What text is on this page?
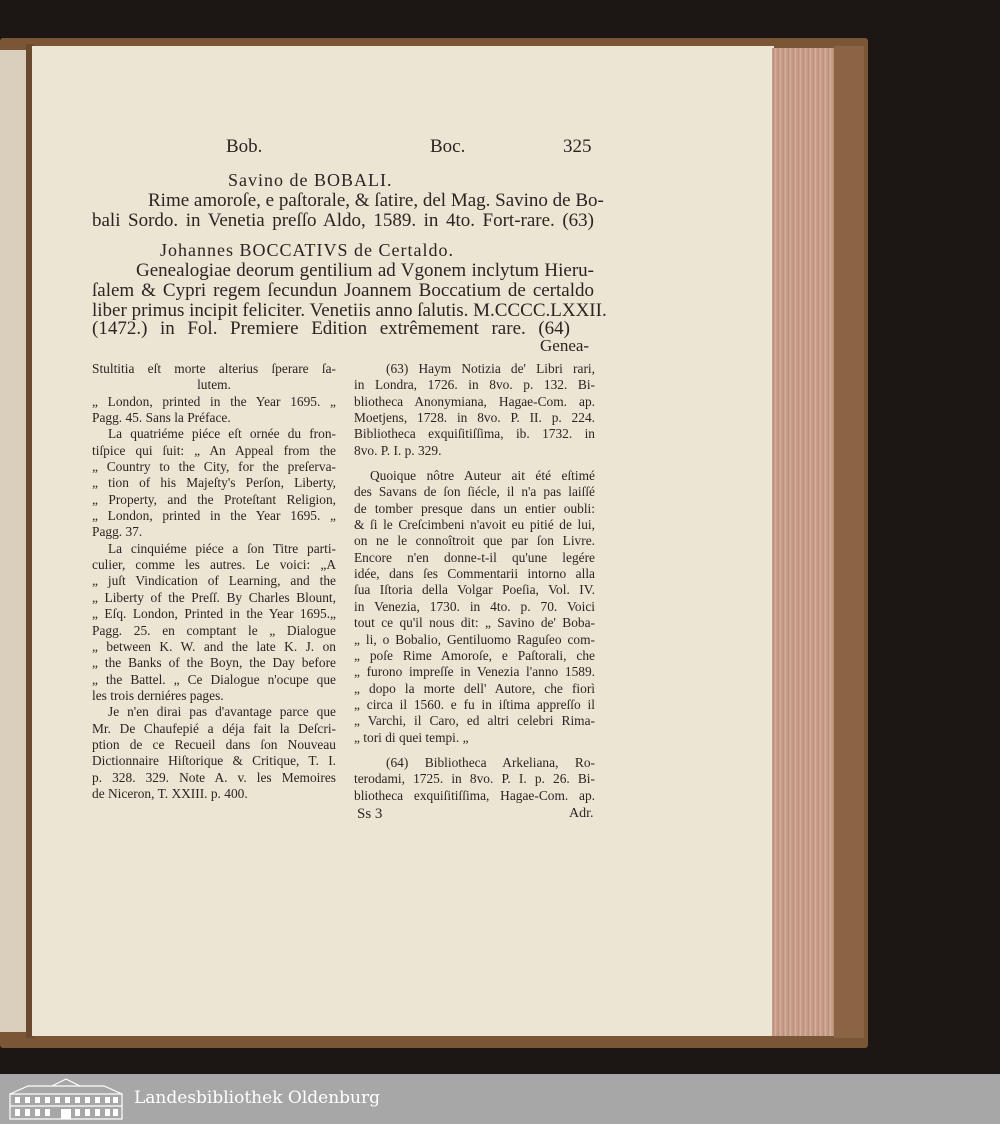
Bob.	Boc.	325
Savino de BOBALI.
Rime amoroſe, e paſtorale, & ſatire, del Mag. Savino de Bo-
bali Sordo. in Venetia preſſo Aldo, 1589. in 4to. Fort-rare. (63)
Johannes BOCCATIVS de Certaldo.
Genealogiae deorum gentilium ad Vgonem inclytum Hieru-
ſalem & Cypri regem ſecundun Joannem Boccatium de certaldo
liber primus incipit feliciter. Venetiis anno ſalutis. M.CCCC.LXXII.
(1472.) in Fol. Premiere Edition extrêmement rare. (64)
Genea-
Stultitia eſt morte alterius ſperare ſa-
lutem.
„ London, printed in the Year 1695. „
Pagg. 45. Sans la Préface.
La quatriéme piéce eſt ornée du fron-
tiſpice qui ſuit: „ An Appeal from the
„ Country to the City, for the preſerva-
„ tion of his Majeſty's Perſon, Liberty,
„ Property, and the Proteſtant Religion,
„ London, printed in the Year 1695. „
Pagg. 37.
La cinquiéme piéce a ſon Titre parti-
culier, comme les autres. Le voici: „A
„ juſt Vindication of Learning, and the
„ Liberty of the Preſſ. By Charles Blount,
„ Eſq. London, Printed in the Year 1695.„
Pagg. 25. en comptant le „ Dialogue
„ between K. W. and the late K. J. on
„ the Banks of the Boyn, the Day before
„ the Battel. „ Ce Dialogue n'ocupe que
les trois derniéres pages.
Je n'en dirai pas d'avantage parce que
Mr. De Chaufepié a déja fait la Deſcri-
ption de ce Recueil dans ſon Nouveau
Dictionnaire Hiſtorique & Critique, T. I.
p. 328. 329. Note A. v. les Memoires
de Niceron, T. XXIII. p. 400.
(63) Haym Notizia de' Libri rari,
in Londra, 1726. in 8vo. p. 132. Bi-
bliotheca Anonymiana, Hagae-Com. ap.
Moetjens, 1728. in 8vo. P. II. p. 224.
Bibliotheca exquiſitiſſima, ib. 1732. in
8vo. P. I. p. 329.
Quoique nôtre Auteur ait été eſtimé
des Savans de ſon ſiécle, il n'a pas laiſſé
de tomber presque dans un entier oubli:
& ſi le Creſcimbeni n'avoit eu pitié de lui,
on ne le connoîtroit que par ſon Livre.
Encore n'en donne-t-il qu'une legére
idée, dans ſes Commentarii intorno alla
ſua Iſtoria della Volgar Poeſia, Vol. IV.
in Venezia, 1730. in 4to. p. 70. Voici
tout ce qu'il nous dit: „ Savino de' Boba-
„ li, o Bobalio, Gentiluomo Raguſeo com-
„ poſe Rime Amoroſe, e Paſtorali, che
„ furono impreſſe in Venezia l'anno 1589.
„ dopo la morte dell' Autore, che fiorì
„ circa il 1560. e fu in iſtima appreſſo il
„ Varchi, il Caro, ed altri celebri Rima-
„ tori di quei tempi. „
(64) Bibliotheca Arkeliana, Ro-
terodami, 1725. in 8vo. P. I. p. 26. Bi-
bliotheca exquiſitiſſima, Hagae-Com. ap.
Ss 3	Adr.
Landesbibliothek Oldenburg
